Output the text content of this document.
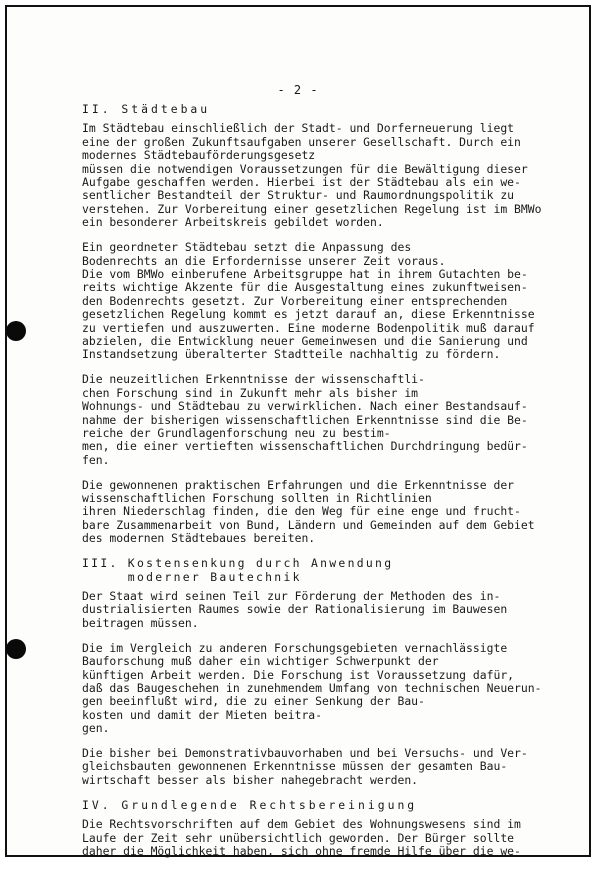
- 2 -
II. Städtebau
Im Städtebau einschließlich der Stadt- und Dorferneuerung liegt
eine der großen Zukunftsaufgaben unserer Gesellschaft. Durch ein
modernes Städtebauförderungsgesetz
müssen die notwendigen Voraussetzungen für die Bewältigung dieser
Aufgabe geschaffen werden. Hierbei ist der Städtebau als ein we-
sentlicher Bestandteil der Struktur- und Raumordnungspolitik zu
verstehen. Zur Vorbereitung einer gesetzlichen Regelung ist im BMWo
ein besonderer Arbeitskreis gebildet worden.
Ein geordneter Städtebau setzt die Anpassung des
Bodenrechts an die Erfordernisse unserer Zeit voraus.
Die vom BMWo einberufene Arbeitsgruppe hat in ihrem Gutachten be-
reits wichtige Akzente für die Ausgestaltung eines zukunftweisen-
den Bodenrechts gesetzt. Zur Vorbereitung einer entsprechenden
gesetzlichen Regelung kommt es jetzt darauf an, diese Erkenntnisse
zu vertiefen und auszuwerten. Eine moderne Bodenpolitik muß darauf
abzielen, die Entwicklung neuer Gemeinwesen und die Sanierung und
Instandsetzung überalterter Stadtteile nachhaltig zu fördern.
Die neuzeitlichen Erkenntnisse der wissenschaftli-
chen Forschung sind in Zukunft mehr als bisher im
Wohnungs- und Städtebau zu verwirklichen. Nach einer Bestandsauf-
nahme der bisherigen wissenschaftlichen Erkenntnisse sind die Be-
reiche der Grundlagenforschung neu zu bestim-
men, die einer vertieften wissenschaftlichen Durchdringung bedür-
fen.
Die gewonnenen praktischen Erfahrungen und die Erkenntnisse der
wissenschaftlichen Forschung sollten in Richtlinien
ihren Niederschlag finden, die den Weg für eine enge und frucht-
bare Zusammenarbeit von Bund, Ländern und Gemeinden auf dem Gebiet
des modernen Städtebaues bereiten.
III. Kostensenkung durch Anwendung
moderner Bautechnik
Der Staat wird seinen Teil zur Förderung der Methoden des in-
dustrialisierten Raumes sowie der Rationalisierung im Bauwesen
beitragen müssen.
Die im Vergleich zu anderen Forschungsgebieten vernachlässigte
Bauforschung muß daher ein wichtiger Schwerpunkt der
künftigen Arbeit werden. Die Forschung ist Voraussetzung dafür,
daß das Baugeschehen in zunehmendem Umfang von technischen Neuerun-
gen beeinflußt wird, die zu einer Senkung der Bau-
kosten und damit der Mieten beitra-
gen.
Die bisher bei Demonstrativbauvorhaben und bei Versuchs- und Ver-
gleichsbauten gewonnenen Erkenntnisse müssen der gesamten Bau-
wirtschaft besser als bisher nahegebracht werden.
IV. Grundlegende Rechtsbereinigung
Die Rechtsvorschriften auf dem Gebiet des Wohnungswesens sind im
Laufe der Zeit sehr unübersichtlich geworden. Der Bürger sollte
daher die Möglichkeit haben, sich ohne fremde Hilfe über die we-
